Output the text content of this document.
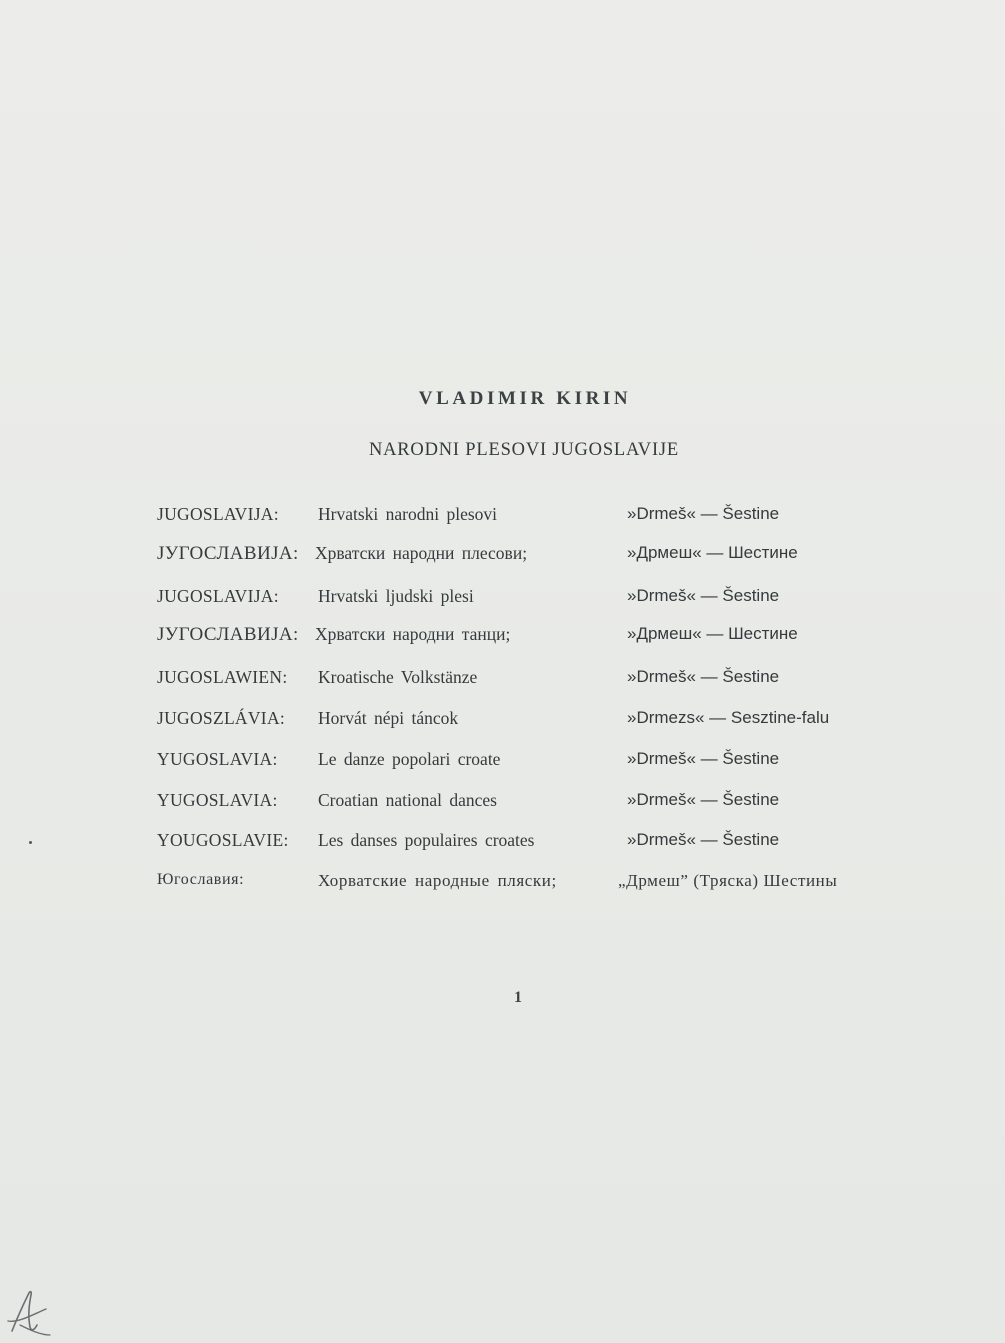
VLADIMIR KIRIN
NARODNI PLESOVI JUGOSLAVIJE
JUGOSLAVIJA: Hrvatski narodni plesovi	»Drmeš« — Šestine
ЈУГОСЛАВИЈА: Хрватски народни плесови;	»Дрмеш« — Шестине
JUGOSLAVIJA: Hrvatski ljudski plesi	»Drmeš« — Šestine
ЈУГОСЛАВИЈА: Хрватски народни танци;	»Дрмеш« — Шестине
JUGOSLAWIEN: Kroatische Volkstänze	»Drmeš« — Šestine
JUGOSZLÁVIA: Horvát népi táncok	»Drmezs« — Sesztine-falu
YUGOSLAVIA: Le danze popolari croate	»Drmeš« — Šestine
YUGOSLAVIA: Croatian national dances	»Drmeš« — Šestine
YOUGOSLAVIE: Les danses populaires croates	»Drmeš« — Šestine
Югославия:	Хорватские народные пляски;	„Дрмеш” (Тряска) Шестины
1
